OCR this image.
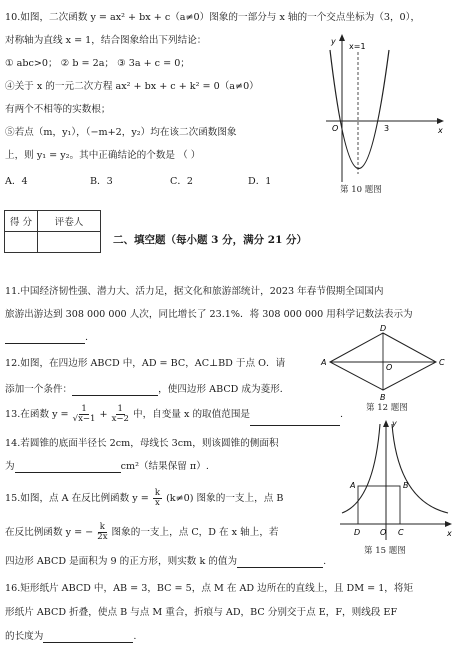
10.如图，二次函数 y = ax² + bx + c（a≠0）图象的一部分与 x 轴的一个交点坐标为（3，0），
对称轴为直线 x = 1，结合图象给出下列结论：
① abc>0； ② b = 2a； ③ 3a + c = 0；
④关于 x 的一元二次方程 ax² + bx + c + k² = 0（a≠0）
有两个不相等的实数根；
⑤若点（m，y₁），（−m+2，y₂）均在该二次函数图象
上，则 y₁ = y₂。其中正确结论的个数是 （ ）
A．4	B．3	C．2	D．1
x=1
y
x
O	3
第 10 题图
得 分	评卷人

二、填空题（每小题 3 分，满分 21 分）
11.中国经济韧性强、潜力大、活力足，据文化和旅游部统计，2023 年春节假期全国国内
旅游出游达到 308 000 000 人次，同比增长了 23.1%．将 308 000 000 用科学记数法表示为
.
12.如图，在四边形 ABCD 中，AD = BC，AC⊥BD 于点 O．请
添加一个条件：	，使四边形 ABCD 成为菱形．
A
D
C
B
O
第 12 题图
13.在函数 $y = \frac{1}{√x-1} + \frac{1}{x-2}$ 中，自变量 x 的取值范围是	.
14.若圆锥的底面半径长 2cm，母线长 3cm，则该圆锥的侧面积
为	cm²（结果保留 π）.
15.如图，点 A 在反比例函数 $y = \frac{k}{x} (k\ne 0)$ 图象的一支上，点 B
在反比例函数 y = − $\frac{k}{2x}$ 图象的一支上，点 C，D 在 x 轴上，若
四边形 ABCD 是面积为 9 的正方形，则实数 k 的值为	.
y
x
A	B
D	C
O
第 15 题图
16.矩形纸片 ABCD 中，AB = 3，BC = 5，点 M 在 AD 边所在的直线上，且 DM = 1，将矩
形纸片 ABCD 折叠，使点 B 与点 M 重合，折痕与 AD，BC 分别交于点 E，F，则线段 EF
的长度为	.
